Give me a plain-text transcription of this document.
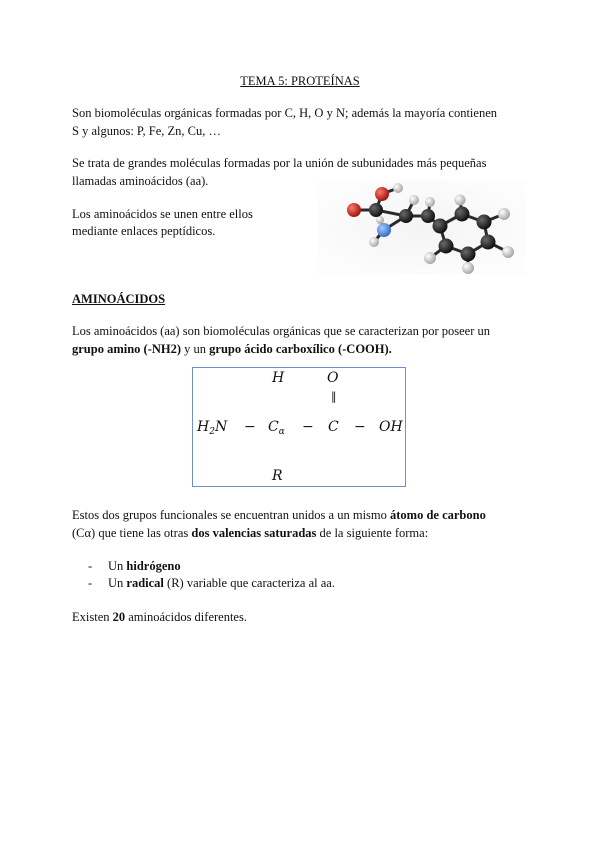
TEMA 5: PROTEÍNAS
Son biomoléculas orgánicas formadas por C, H, O y N; además la mayoría contienen
S y algunos: P, Fe, Zn, Cu, …
Se trata de grandes moléculas formadas por la unión de subunidades más pequeñas
llamadas aminoácidos (aa).
Los aminoácidos se unen entre ellos
mediante enlaces peptídicos.
AMINOÁCIDOS
Los aminoácidos (aa) son biomoléculas orgánicas que se caracterizan por poseer un
grupo amino (-NH2) y un grupo ácido carboxílico (-COOH).
H	O
‖
$H_2N - C_\alpha - C$ − OH
R
Estos dos grupos funcionales se encuentran unidos a un mismo átomo de carbono
(Cα) que tiene las otras dos valencias saturadas de la siguiente forma:
- Un hidrógeno
- Un radical (R) variable que caracteriza al aa.
Existen 20 aminoácidos diferentes.
